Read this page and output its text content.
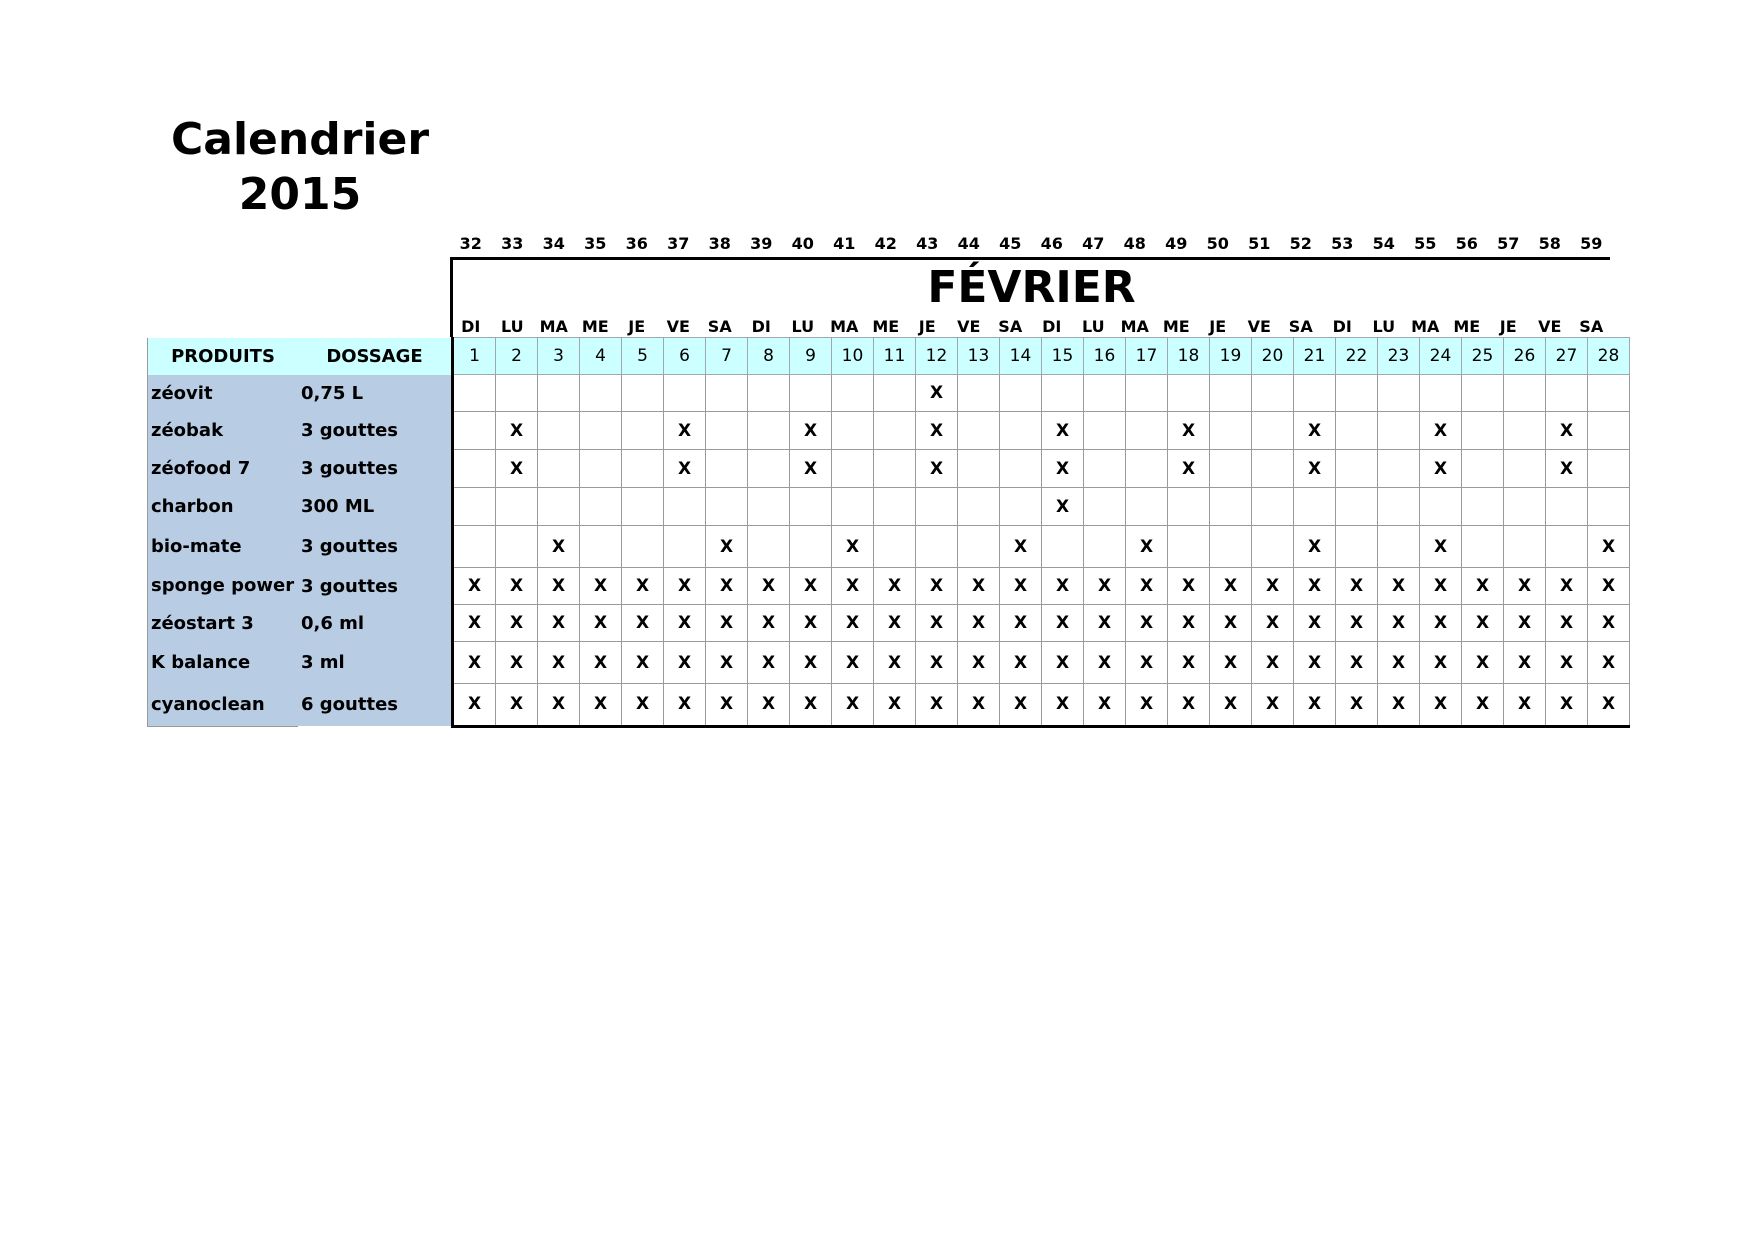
Calendrier
2015
32	33	34	35	36	37	38	39	40	41	42	43	44	45	46	47	48	49	50	51	52	53	54	55	56	57	58	59
FÉVRIER
DI	LU	MA ME	JE	VE	SA	DI	LU	MA ME	JE	VE	SA	DI	LU	MA ME	JE	VE	SA	DI	LU	MA ME	JE	VE	SA
PRODUITS	DOSSAGE	1	2	3	4	5	6	7	8	9	10	11	12	13	14	15	16	17	18	19	20	21	22	23	24	25	26	27	28
zéovit	0,75 L												X																
zéobak	3 gouttes		X				X			X			X			X			X			X			X			X	
zéofood 7	3 gouttes		X				X			X			X			X			X			X			X			X	
charbon	300 ML															X													
bio-mate	3 gouttes			X				X			X				X			X				X			X				X
sponge power	3 gouttes	X	X	X	X	X	X	X	X	X	X	X	X	X	X	X	X	X	X	X	X	X	X	X	X	X	X	X	X
zéostart 3	0,6 ml	X	X	X	X	X	X	X	X	X	X	X	X	X	X	X	X	X	X	X	X	X	X	X	X	X	X	X	X
K balance	3 ml	X	X	X	X	X	X	X	X	X	X	X	X	X	X	X	X	X	X	X	X	X	X	X	X	X	X	X	X
cyanoclean	6 gouttes	X	X	X	X	X	X	X	X	X	X	X	X	X	X	X	X	X	X	X	X	X	X	X	X	X	X	X	X
